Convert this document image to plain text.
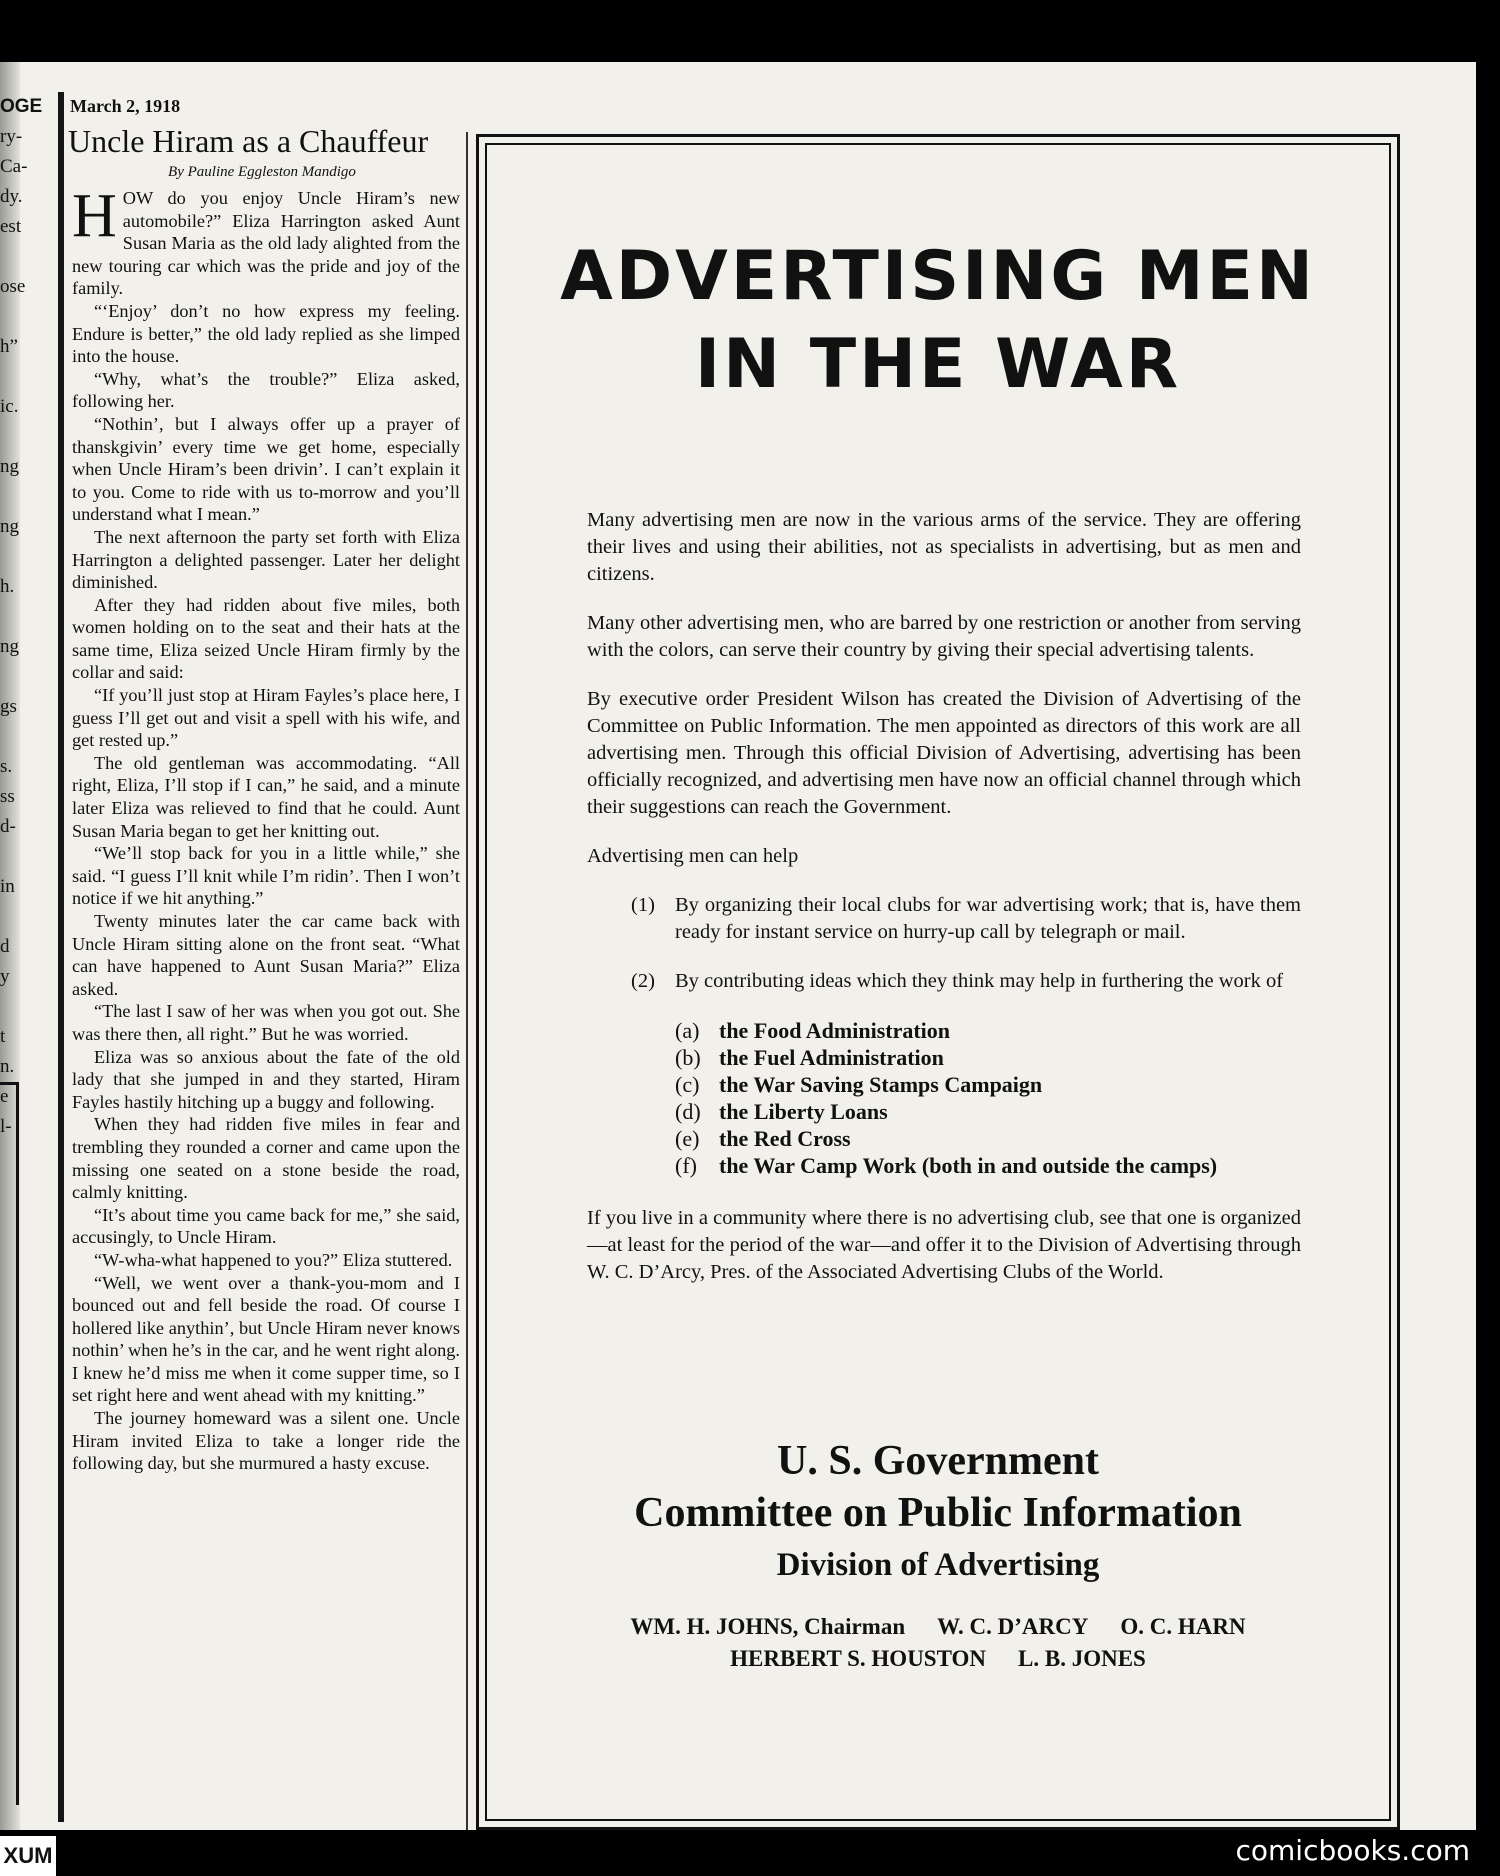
OGE
ry-
Ca-
dy.
est

ose

h”

ic.

ng

ng

h.

ng

gs

s.
ss
d-

in

d
y

t
n.
e
l-
March 2, 1918
Uncle Hiram as a Chauffeur
By Pauline Eggleston Mandigo

HOW do you enjoy Uncle Hiram’s new automobile?” Eliza Harrington asked Aunt Susan Maria as the old lady alighted from the new touring car which was the pride and joy of the family.

“‘Enjoy’ don’t no how express my feeling. Endure is better,” the old lady replied as she limped into the house.

“Why, what’s the trouble?” Eliza asked, following her.

“Nothin’, but I always offer up a prayer of thanskgivin’ every time we get home, especially when Uncle Hiram’s been drivin’. I can’t explain it to you. Come to ride with us to-morrow and you’ll understand what I mean.”

The next afternoon the party set forth with Eliza Harrington a delighted passenger. Later her delight diminished.

After they had ridden about five miles, both women holding on to the seat and their hats at the same time, Eliza seized Uncle Hiram firmly by the collar and said:

“If you’ll just stop at Hiram Fayles’s place here, I guess I’ll get out and visit a spell with his wife, and get rested up.”

The old gentleman was accommodating. “All right, Eliza, I’ll stop if I can,” he said, and a minute later Eliza was relieved to find that he could. Aunt Susan Maria began to get her knitting out.

“We’ll stop back for you in a little while,” she said. “I guess I’ll knit while I’m ridin’. Then I won’t notice if we hit anything.”

Twenty minutes later the car came back with Uncle Hiram sitting alone on the front seat. “What can have happened to Aunt Susan Maria?” Eliza asked.

“The last I saw of her was when you got out. She was there then, all right.” But he was worried.

Eliza was so anxious about the fate of the old lady that she jumped in and they started, Hiram Fayles hastily hitching up a buggy and following.

When they had ridden five miles in fear and trembling they rounded a corner and came upon the missing one seated on a stone beside the road, calmly knitting.

“It’s about time you came back for me,” she said, accusingly, to Uncle Hiram.

“W-wha-what happened to you?” Eliza stuttered.

“Well, we went over a thank-you-mom and I bounced out and fell beside the road. Of course I hollered like anythin’, but Uncle Hiram never knows nothin’ when he’s in the car, and he went right along. I knew he’d miss me when it come supper time, so I set right here and went ahead with my knitting.”

The journey homeward was a silent one. Uncle Hiram invited Eliza to take a longer ride the following day, but she murmured a hasty excuse.

ADVERTISING MEN
IN THE WAR

Many advertising men are now in the various arms of the service. They are offering their lives and using their abilities, not as specialists in advertising, but as men and citizens.

Many other advertising men, who are barred by one restriction or another from serving with the colors, can serve their country by giving their special advertising talents.

By executive order President Wilson has created the Division of Advertising of the Committee on Public Information. The men appointed as directors of this work are all advertising men. Through this official Division of Advertising, advertising has been officially recognized, and advertising men have now an official channel through which their suggestions can reach the Government.

Advertising men can help

(1) By organizing their local clubs for war advertising work; that is, have them ready for instant service on hurry-up call by telegraph or mail.
(2) By contributing ideas which they think may help in furthering the work of
(a) the Food Administration
(b) the Fuel Administration
(c) the War Saving Stamps Campaign
(d) the Liberty Loans
(e) the Red Cross
(f) the War Camp Work (both in and outside the camps)

If you live in a community where there is no advertising club, see that one is organized—at least for the period of the war—and offer it to the Division of Advertising through W. C. D’Arcy, Pres. of the Associated Advertising Clubs of the World.

U. S. Government
Committee on Public Information
Division of Advertising
WM. H. JOHNS, Chairman W. C. D’ARCY O. C. HARN
HERBERT S. HOUSTON L. B. JONES
XUM	comicbooks.com
